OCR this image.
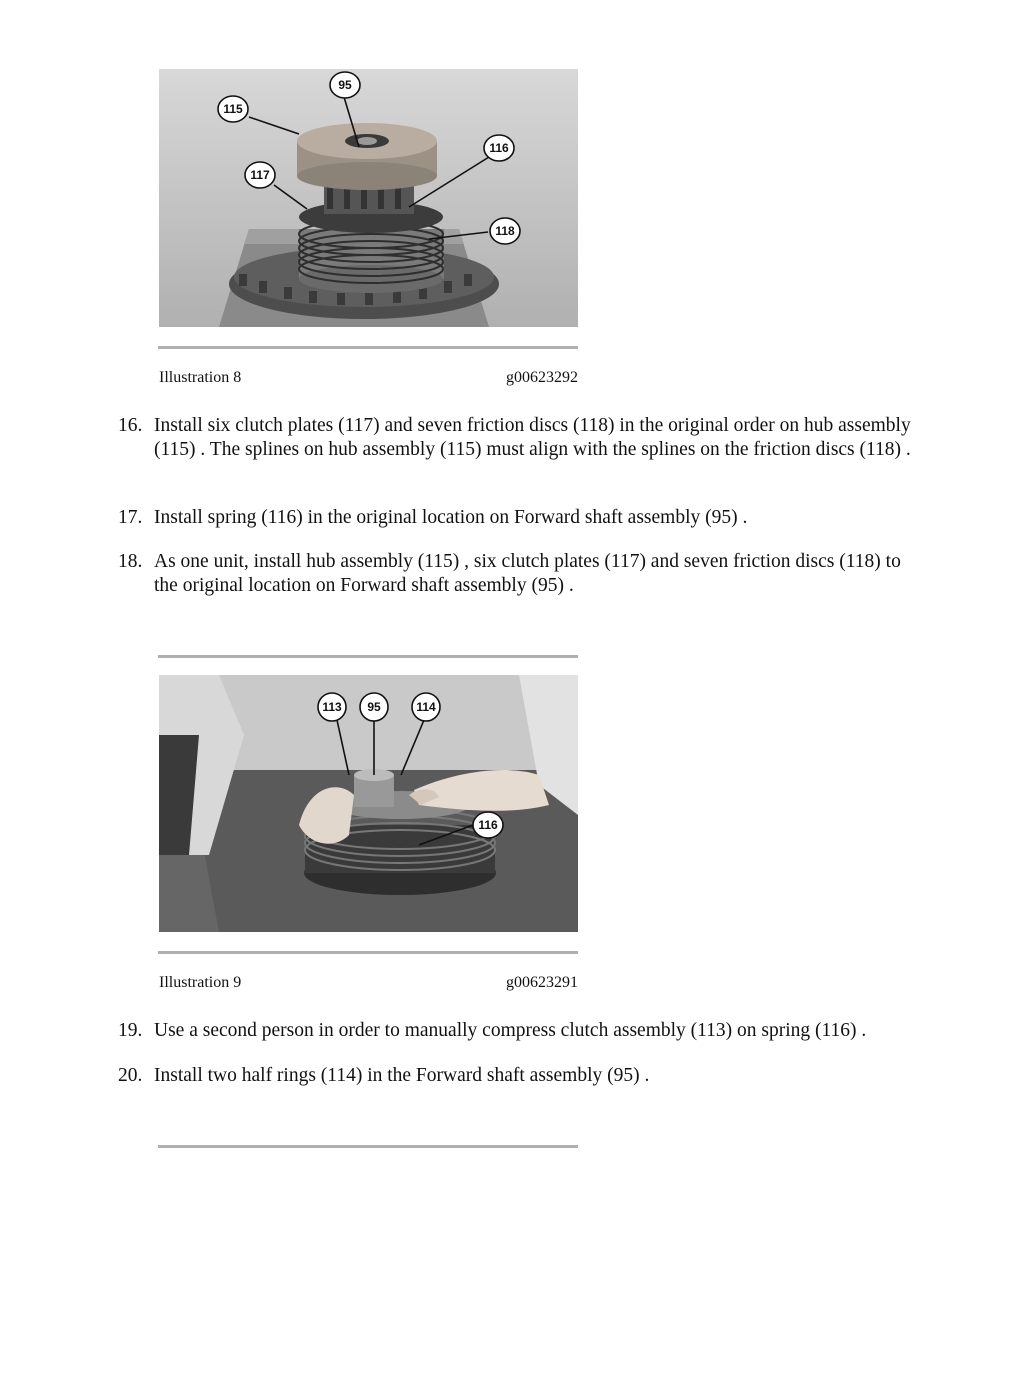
115
95
116
117
118
Illustration 8	g00623292
16. Install six clutch plates (117) and seven friction discs (118) in the original order on hub assembly (115) . The splines on hub assembly (115) must align with the splines on the friction discs (118) .
17. Install spring (116) in the original location on Forward shaft assembly (95) .
18. As one unit, install hub assembly (115) , six clutch plates (117) and seven friction discs (118) to the original location on Forward shaft assembly (95) .
113 95	114
116
Illustration 9	g00623291
19. Use a second person in order to manually compress clutch assembly (113) on spring (116) .
20. Install two half rings (114) in the Forward shaft assembly (95) .
